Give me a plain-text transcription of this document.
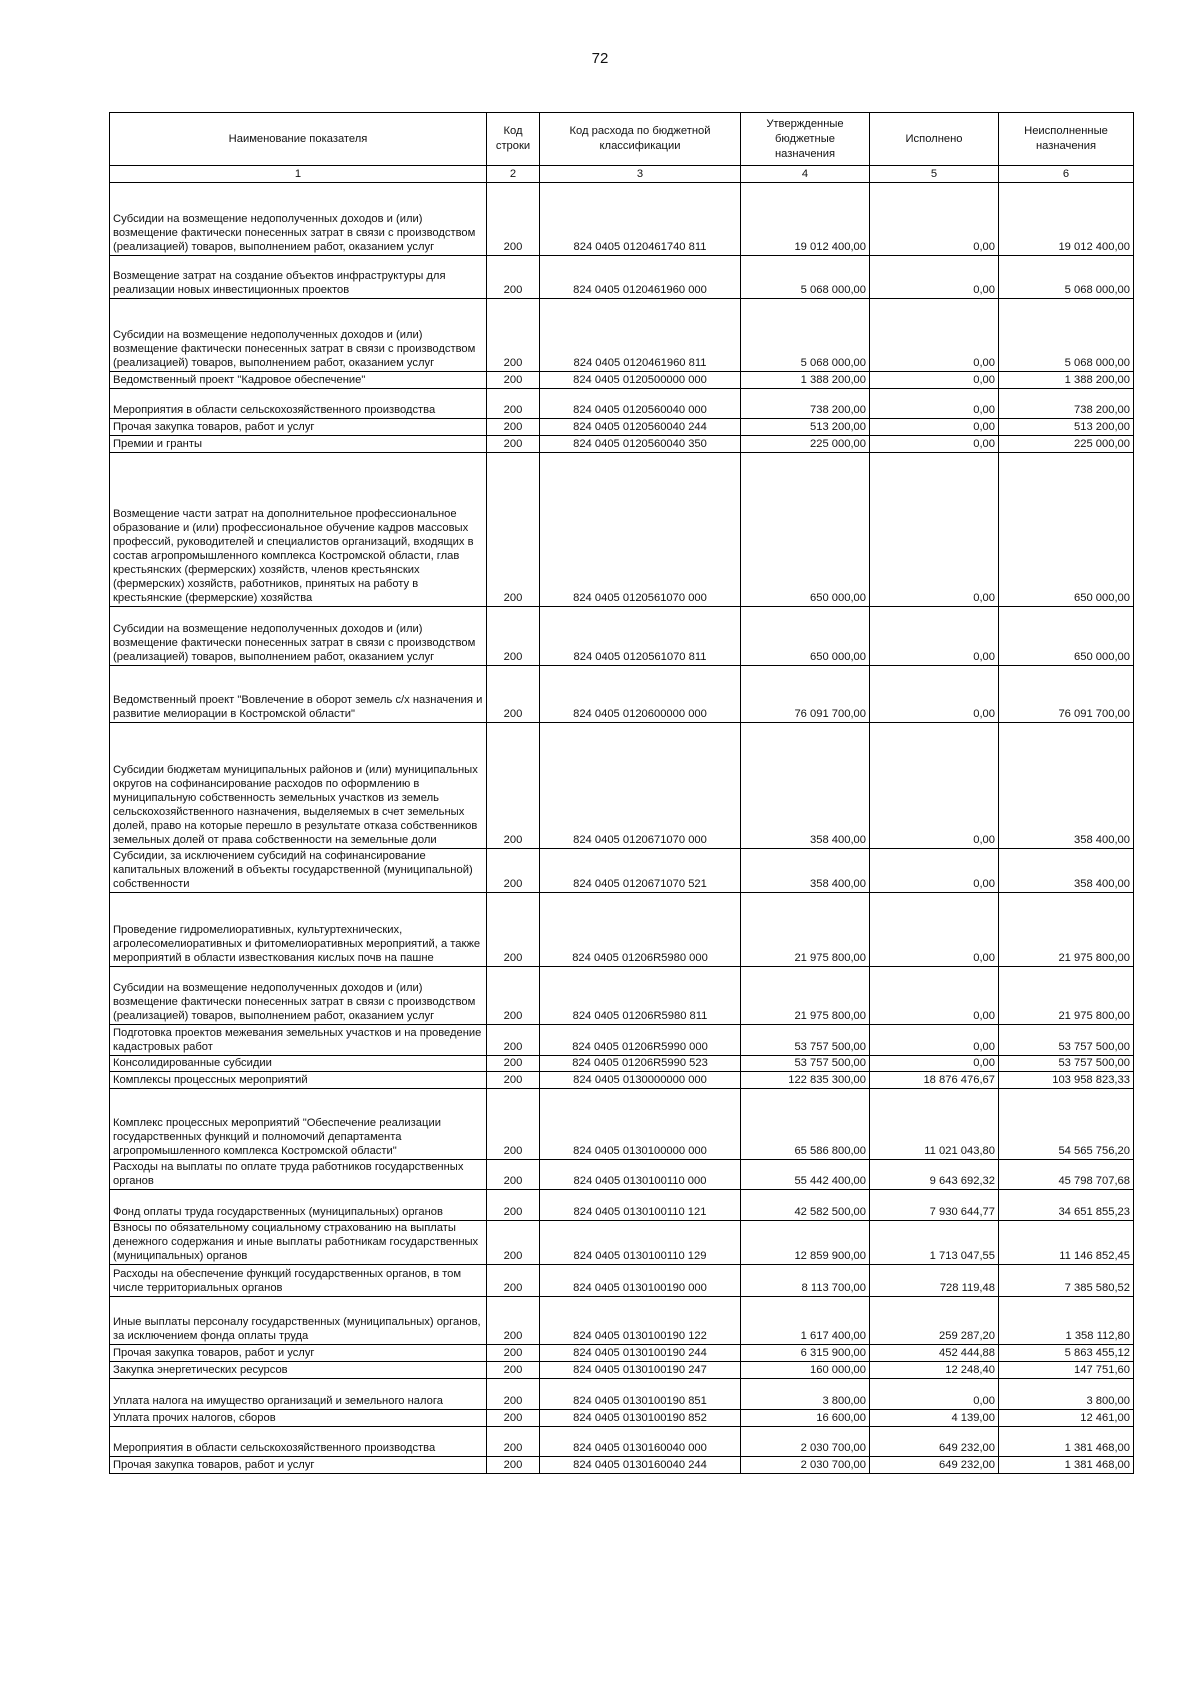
72
Наименование показателя	Код строки	Код расхода по бюджетной классификации	Утвержденные бюджетные назначения	Исполнено	Неисполненные назначения
1	2	3	4	5	6
Субсидии на возмещение недополученных доходов и (или) возмещение фактически понесенных затрат в связи с производством (реализацией) товаров, выполнением работ, оказанием услуг	200	824 0405 0120461740 811	19 012 400,00	0,00	19 012 400,00
Возмещение затрат на создание объектов инфраструктуры для реализации новых инвестиционных проектов	200	824 0405 0120461960 000	5 068 000,00	0,00	5 068 000,00
Субсидии на возмещение недополученных доходов и (или) возмещение фактически понесенных затрат в связи с производством (реализацией) товаров, выполнением работ, оказанием услуг	200	824 0405 0120461960 811	5 068 000,00	0,00	5 068 000,00
Ведомственный проект "Кадровое обеспечение"	200	824 0405 0120500000 000	1 388 200,00	0,00	1 388 200,00
Мероприятия в области сельскохозяйственного производства	200	824 0405 0120560040 000	738 200,00	0,00	738 200,00
Прочая закупка товаров, работ и услуг	200	824 0405 0120560040 244	513 200,00	0,00	513 200,00
Премии и гранты	200	824 0405 0120560040 350	225 000,00	0,00	225 000,00
Возмещение части затрат на дополнительное профессиональное образование и (или) профессиональное обучение кадров массовых профессий, руководителей и специалистов организаций, входящих в состав агропромышленного комплекса Костромской области, глав крестьянских (фермерских) хозяйств, членов крестьянских (фермерских) хозяйств, работников, принятых на работу в крестьянские (фермерские) хозяйства	200	824 0405 0120561070 000	650 000,00	0,00	650 000,00
Субсидии на возмещение недополученных доходов и (или) возмещение фактически понесенных затрат в связи с производством (реализацией) товаров, выполнением работ, оказанием услуг	200	824 0405 0120561070 811	650 000,00	0,00	650 000,00
Ведомственный проект "Вовлечение в оборот земель с/х назначения и развитие мелиорации в Костромской области"	200	824 0405 0120600000 000	76 091 700,00	0,00	76 091 700,00
Субсидии бюджетам муниципальных районов и (или) муниципальных округов на софинансирование расходов по оформлению в муниципальную собственность земельных участков из земель сельскохозяйственного назначения, выделяемых в счет земельных долей, право на которые перешло в результате отказа собственников земельных долей от права собственности на земельные доли	200	824 0405 0120671070 000	358 400,00	0,00	358 400,00
Субсидии, за исключением субсидий на софинансирование капитальных вложений в объекты государственной (муниципальной) собственности	200	824 0405 0120671070 521	358 400,00	0,00	358 400,00
Проведение гидромелиоративных, культуртехнических, агролесомелиоративных и фитомелиоративных мероприятий, а также мероприятий в области известкования кислых почв на пашне	200	824 0405 01206R5980 000	21 975 800,00	0,00	21 975 800,00
Субсидии на возмещение недополученных доходов и (или) возмещение фактически понесенных затрат в связи с производством (реализацией) товаров, выполнением работ, оказанием услуг	200	824 0405 01206R5980 811	21 975 800,00	0,00	21 975 800,00
Подготовка проектов межевания земельных участков и на проведение кадастровых работ	200	824 0405 01206R5990 000	53 757 500,00	0,00	53 757 500,00
Консолидированные субсидии	200	824 0405 01206R5990 523	53 757 500,00	0,00	53 757 500,00
Комплексы процессных мероприятий	200	824 0405 0130000000 000	122 835 300,00	18 876 476,67	103 958 823,33
Комплекс процессных мероприятий "Обеспечение реализации государственных функций и полномочий департамента агропромышленного комплекса Костромской области"	200	824 0405 0130100000 000	65 586 800,00	11 021 043,80	54 565 756,20
Расходы на выплаты по оплате труда работников государственных органов	200	824 0405 0130100110 000	55 442 400,00	9 643 692,32	45 798 707,68
Фонд оплаты труда государственных (муниципальных) органов	200	824 0405 0130100110 121	42 582 500,00	7 930 644,77	34 651 855,23
Взносы по обязательному социальному страхованию на выплаты денежного содержания и иные выплаты работникам государственных (муниципальных) органов	200	824 0405 0130100110 129	12 859 900,00	1 713 047,55	11 146 852,45
Расходы на обеспечение функций государственных органов, в том числе территориальных органов	200	824 0405 0130100190 000	8 113 700,00	728 119,48	7 385 580,52
Иные выплаты персоналу государственных (муниципальных) органов, за исключением фонда оплаты труда	200	824 0405 0130100190 122	1 617 400,00	259 287,20	1 358 112,80
Прочая закупка товаров, работ и услуг	200	824 0405 0130100190 244	6 315 900,00	452 444,88	5 863 455,12
Закупка энергетических ресурсов	200	824 0405 0130100190 247	160 000,00	12 248,40	147 751,60
Уплата налога на имущество организаций и земельного налога	200	824 0405 0130100190 851	3 800,00	0,00	3 800,00
Уплата прочих налогов, сборов	200	824 0405 0130100190 852	16 600,00	4 139,00	12 461,00
Мероприятия в области сельскохозяйственного производства	200	824 0405 0130160040 000	2 030 700,00	649 232,00	1 381 468,00
Прочая закупка товаров, работ и услуг	200	824 0405 0130160040 244	2 030 700,00	649 232,00	1 381 468,00
